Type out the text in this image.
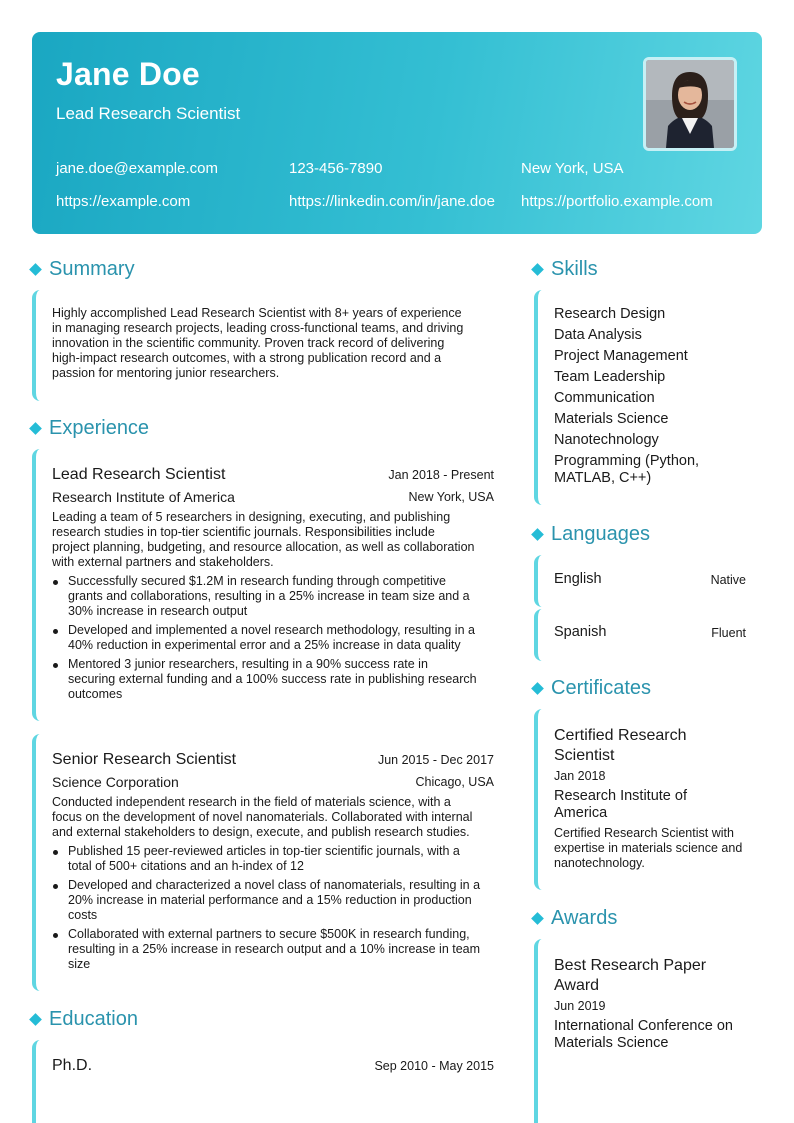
Jane Doe
Lead Research Scientist
jane.doe@example.com	123-456-7890	New York, USA
https://example.com	https://linkedin.com/in/jane.doe https://portfolio.example.com
Summary
Highly accomplished Lead Research Scientist with 8+ years of experience
in managing research projects, leading cross-functional teams, and driving
innovation in the scientific community. Proven track record of delivering
high-impact research outcomes, with a strong publication record and a
passion for mentoring junior researchers.
Experience
Lead Research Scientist	Jan 2018 - Present
Research Institute of America	New York, USA
Leading a team of 5 researchers in designing, executing, and publishing
research studies in top-tier scientific journals. Responsibilities include
project planning, budgeting, and resource allocation, as well as collaboration
with external partners and stakeholders.
Successfully secured $1.2M in research funding through competitive
grants and collaborations, resulting in a 25% increase in team size and a
30% increase in research output
Developed and implemented a novel research methodology, resulting in a
40% reduction in experimental error and a 25% increase in data quality
Mentored 3 junior researchers, resulting in a 90% success rate in
securing external funding and a 100% success rate in publishing research
outcomes
Senior Research Scientist	Jun 2015 - Dec 2017
Science Corporation	Chicago, USA
Conducted independent research in the field of materials science, with a
focus on the development of novel nanomaterials. Collaborated with internal
and external stakeholders to design, execute, and publish research studies.
Published 15 peer-reviewed articles in top-tier scientific journals, with a
total of 500+ citations and an h-index of 12
Developed and characterized a novel class of nanomaterials, resulting in a
20% increase in material performance and a 15% reduction in production
costs
Collaborated with external partners to secure $500K in research funding,
resulting in a 25% increase in research output and a 10% increase in team
size
Education
Ph.D.	Sep 2010 - May 2015
Skills
Research Design
Data Analysis
Project Management
Team Leadership
Communication
Materials Science
Nanotechnology
Programming (Python, MATLAB, C++)
Languages
English	Native
Spanish	Fluent
Certificates
Certified Research Scientist
Jan 2018
Research Institute of America
Certified Research Scientist with expertise in materials science and nanotechnology.
Awards
Best Research Paper Award
Jun 2019
International Conference on Materials Science
